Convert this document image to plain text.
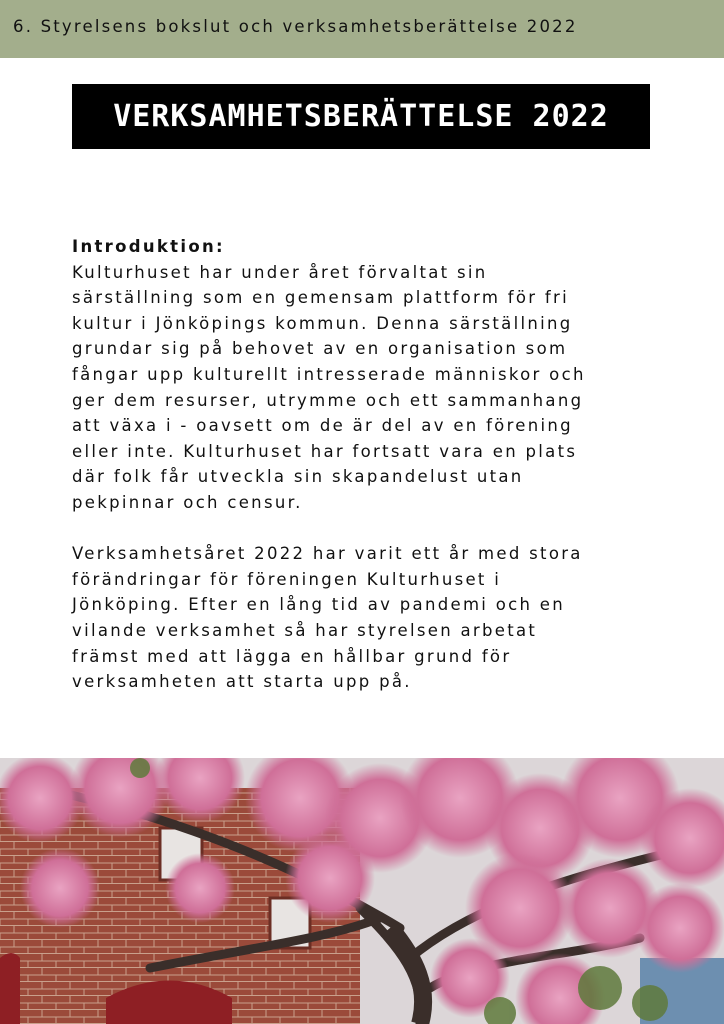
6. Styrelsens bokslut och verksamhetsberättelse 2022
VERKSAMHETSBERÄTTELSE 2022

Introduktion:

Kulturhuset har under året förvaltat sin

särställning som en gemensam plattform för fri

kultur i Jönköpings kommun. Denna särställning

grundar sig på behovet av en organisation som

fångar upp kulturellt intresserade människor och

ger dem resurser, utrymme och ett sammanhang

att växa i - oavsett om de är del av en förening

eller inte. Kulturhuset har fortsatt vara en plats

där folk får utveckla sin skapandelust utan

pekpinnar och censur.

Verksamhetsåret 2022 har varit ett år med stora

förändringar för föreningen Kulturhuset i

Jönköping. Efter en lång tid av pandemi och en

vilande verksamhet så har styrelsen arbetat

främst med att lägga en hållbar grund för

verksamheten att starta upp på.
